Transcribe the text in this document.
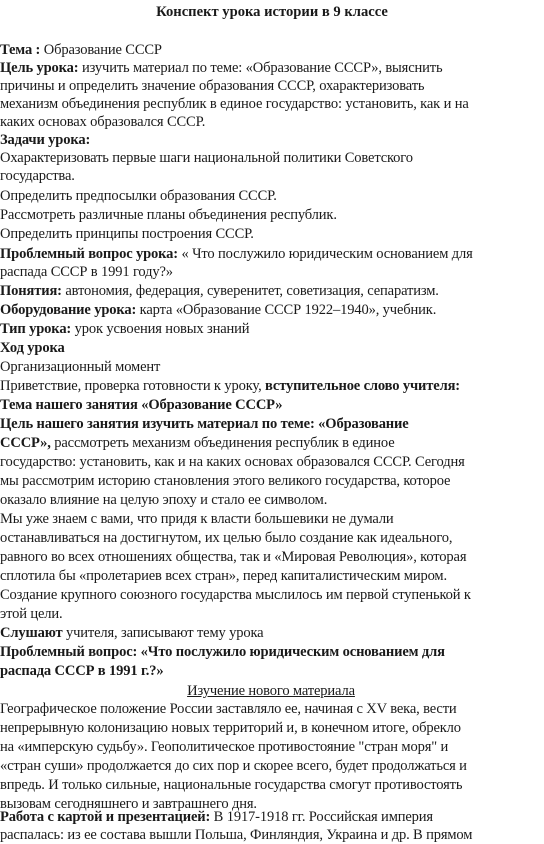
Конспект урока истории в 9 классе
Тема : Образование СССР
Цель урока: изучить материал по теме: «Образование СССР», выяснить
причины и определить значение образования СССР, охарактеризовать
механизм объединения республик в единое государство: установить, как и на
каких основах образовался СССР.
Задачи урока:
Охарактеризовать первые шаги национальной политики Советского
государства.
Определить предпосылки образования СССР.
Рассмотреть различные планы объединения республик.
Определить принципы построения СССР.
Проблемный вопрос урока: « Что послужило юридическим основанием для
распада СССР в 1991 году?»
Понятия: автономия, федерация, суверенитет, советизация, сепаратизм.
Оборудование урока: карта «Образование СССР 1922–1940», учебник.
Тип урока: урок усвоения новых знаний
Ход урока
Организационный момент
Приветствие, проверка готовности к уроку, вступительное слово учителя:
Тема нашего занятия «Образование СССР»
Цель нашего занятия изучить материал по теме: «Образование
СССР», рассмотреть механизм объединения республик в единое
государство: установить, как и на каких основах образовался СССР. Сегодня
мы рассмотрим историю становления этого великого государства, которое
оказало влияние на целую эпоху и стало ее символом.
Мы уже знаем с вами, что придя к власти большевики не думали
останавливаться на достигнутом, их целью было создание как идеального,
равного во всех отношениях общества, так и «Мировая Революция», которая
сплотила бы «пролетариев всех стран», перед капиталистическим миром.
Создание крупного союзного государства мыслилось им первой ступенькой к
этой цели.
Слушают учителя, записывают тему урока
Проблемный вопрос: «Что послужило юридическим основанием для
распада СССР в 1991 г.?»
Изучение нового материала
Географическое положение России заставляло ее, начиная с XV века, вести
непрерывную колонизацию новых территорий и, в конечном итоге, обрекло
на «имперскую судьбу». Геополитическое противостояние "стран моря" и
«стран суши» продолжается до сих пор и скорее всего, будет продолжаться и
впредь. И только сильные, национальные государства смогут противостоять
вызовам сегодняшнего и завтрашнего дня.
Работа с картой и презентацией: В 1917-1918 гг. Российская империя
распалась: из ее состава вышли Польша, Финляндия, Украина и др. В прямом
